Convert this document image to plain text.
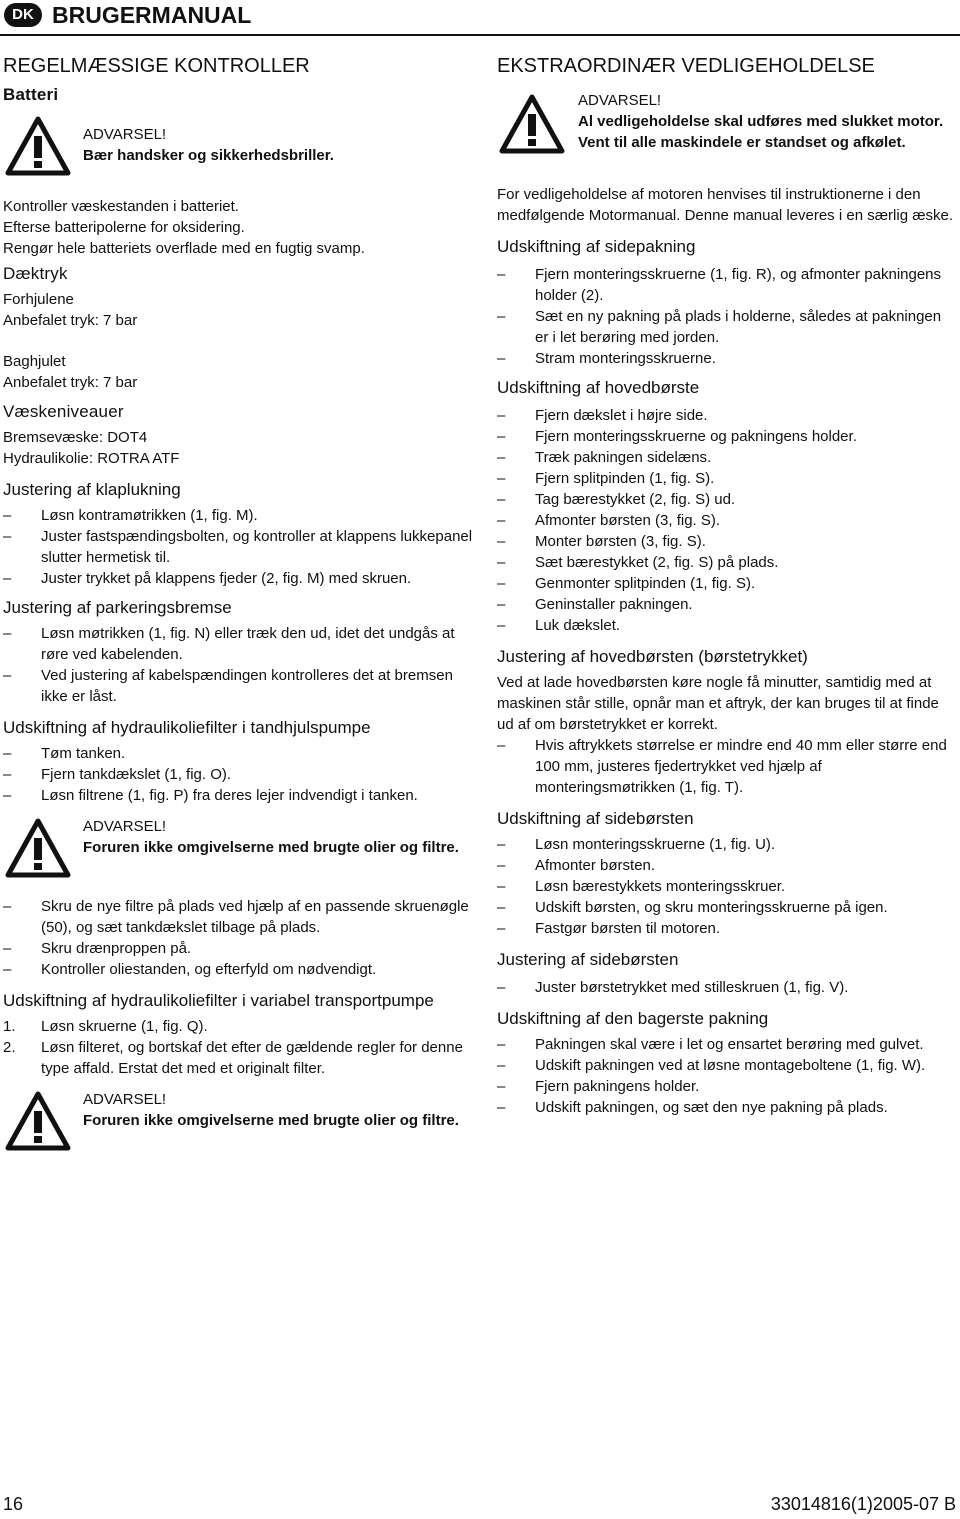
DK BRUGERMANUAL
REGELMÆSSIGE KONTROLLER
Batteri
ADVARSEL!
Bær handsker og sikkerhedsbriller.
Kontroller væskestanden i batteriet.
Efterse batteripolerne for oksidering.
Rengør hele batteriets overflade med en fugtig svamp.
Dæktryk
Forhjulene
Anbefalet tryk: 7 bar
Baghjulet
Anbefalet tryk: 7 bar
Væskeniveauer
Bremsevæske: DOT4
Hydraulikolie: ROTRA ATF
Justering af klaplukning
– Løsn kontramøtrikken (1, fig. M).
– Juster fastspændingsbolten, og kontroller at klappens lukkepanel slutter hermetisk til.
– Juster trykket på klappens fjeder (2, fig. M) med skruen.
Justering af parkeringsbremse
– Løsn møtrikken (1, fig. N) eller træk den ud, idet det undgås at røre ved kabelenden.
– Ved justering af kabelspændingen kontrolleres det at bremsen ikke er låst.
Udskiftning af hydraulikoliefilter i tandhjulspumpe
– Tøm tanken.
– Fjern tankdækslet (1, fig. O).
– Løsn filtrene (1, fig. P) fra deres lejer indvendigt i tanken.
ADVARSEL!
Foruren ikke omgivelserne med brugte olier og filtre.
– Skru de nye filtre på plads ved hjælp af en passende skruenøgle (50), og sæt tankdækslet tilbage på plads.
– Skru drænproppen på.
– Kontroller oliestanden, og efterfyld om nødvendigt.
Udskiftning af hydraulikoliefilter i variabel transportpumpe
1. Løsn skruerne (1, fig. Q).
2. Løsn filteret, og bortskaf det efter de gældende regler for denne type affald. Erstat det med et originalt filter.
ADVARSEL!
Foruren ikke omgivelserne med brugte olier og filtre.
EKSTRAORDINÆR VEDLIGEHOLDELSE
ADVARSEL!
Al vedligeholdelse skal udføres med slukket motor.
Vent til alle maskindele er standset og afkølet.
For vedligeholdelse af motoren henvises til instruktionerne i den medfølgende Motormanual. Denne manual leveres i en særlig æske.
Udskiftning af sidepakning
– Fjern monteringsskruerne (1, fig. R), og afmonter pakningens holder (2).
– Sæt en ny pakning på plads i holderne, således at pakningen er i let berøring med jorden.
– Stram monteringsskruerne.
Udskiftning af hovedbørste
– Fjern dækslet i højre side.
– Fjern monteringsskruerne og pakningens holder.
– Træk pakningen sidelæns.
– Fjern splitpinden (1, fig. S).
– Tag bærestykket (2, fig. S) ud.
– Afmonter børsten (3, fig. S).
– Monter børsten (3, fig. S).
– Sæt bærestykket (2, fig. S) på plads.
– Genmonter splitpinden (1, fig. S).
– Geninstaller pakningen.
– Luk dækslet.
Justering af hovedbørsten (børstetrykket)
Ved at lade hovedbørsten køre nogle få minutter, samtidig med at maskinen står stille, opnår man et aftryk, der kan bruges til at finde ud af om børstetrykket er korrekt.
– Hvis aftrykkets størrelse er mindre end 40 mm eller større end 100 mm, justeres fjedertrykket ved hjælp af monteringsmøtrikken (1, fig. T).
Udskiftning af sidebørsten
– Løsn monteringsskruerne (1, fig. U).
– Afmonter børsten.
– Løsn bærestykkets monteringsskruer.
– Udskift børsten, og skru monteringsskruerne på igen.
– Fastgør børsten til motoren.
Justering af sidebørsten
– Juster børstetrykket med stilleskruen (1, fig. V).
Udskiftning af den bagerste pakning
– Pakningen skal være i let og ensartet berøring med gulvet.
– Udskift pakningen ved at løsne montageboltene (1, fig. W).
– Fjern pakningens holder.
– Udskift pakningen, og sæt den nye pakning på plads.
16	33014816(1)2005-07 B
